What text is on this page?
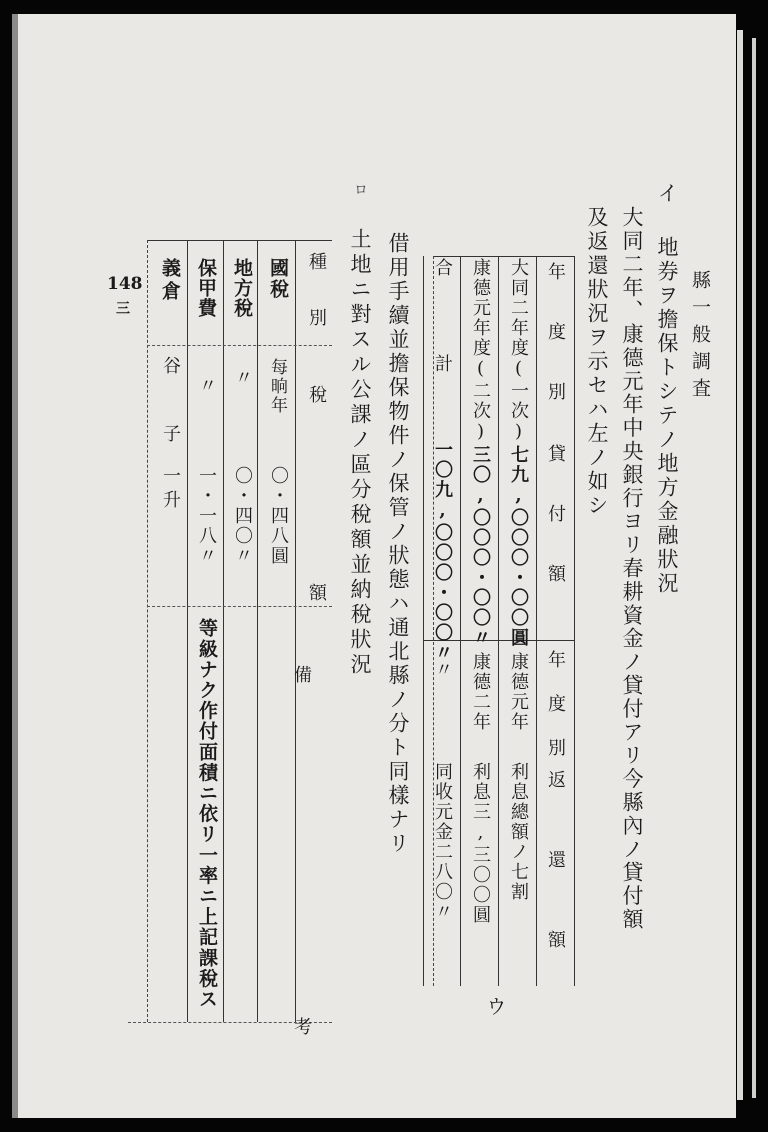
縣一般調査
イ
地券ヲ擔保トシテノ地方金融狀況
大同二年、康德元年中央銀行ヨリ春耕資金ノ貸付アリ今縣內ノ貸付額
及返還狀況ヲ示セハ左ノ如シ
年　度　別
貸　付　額
年　度　別
返　還　額
大同二年度(一次)
七九,〇〇〇・〇〇圓
康德元年
利息總額ノ七割
康德元年度(二次)
三〇,〇〇〇・〇〇〃
康德二年
利息三,三〇〇圓
合　　　計
一〇九,〇〇〇・〇〇〃
〃
同收元金二八〇〃
ウ
借用手續並擔保物件ノ保管ノ狀態ハ通北縣ノ分ト同樣ナリ
土地ニ對スル公課ノ區分稅額並納稅狀況
ロ
種　別
稅　　額
備　　　考
國稅
每晌年
〇・四八圓
地方稅
〃
〇・四〇〃
保甲費
〃
一・一八〃
義倉
谷　子
一升
等級ナク作付面積ニ依リ一率ニ上記課稅ス
148
三
